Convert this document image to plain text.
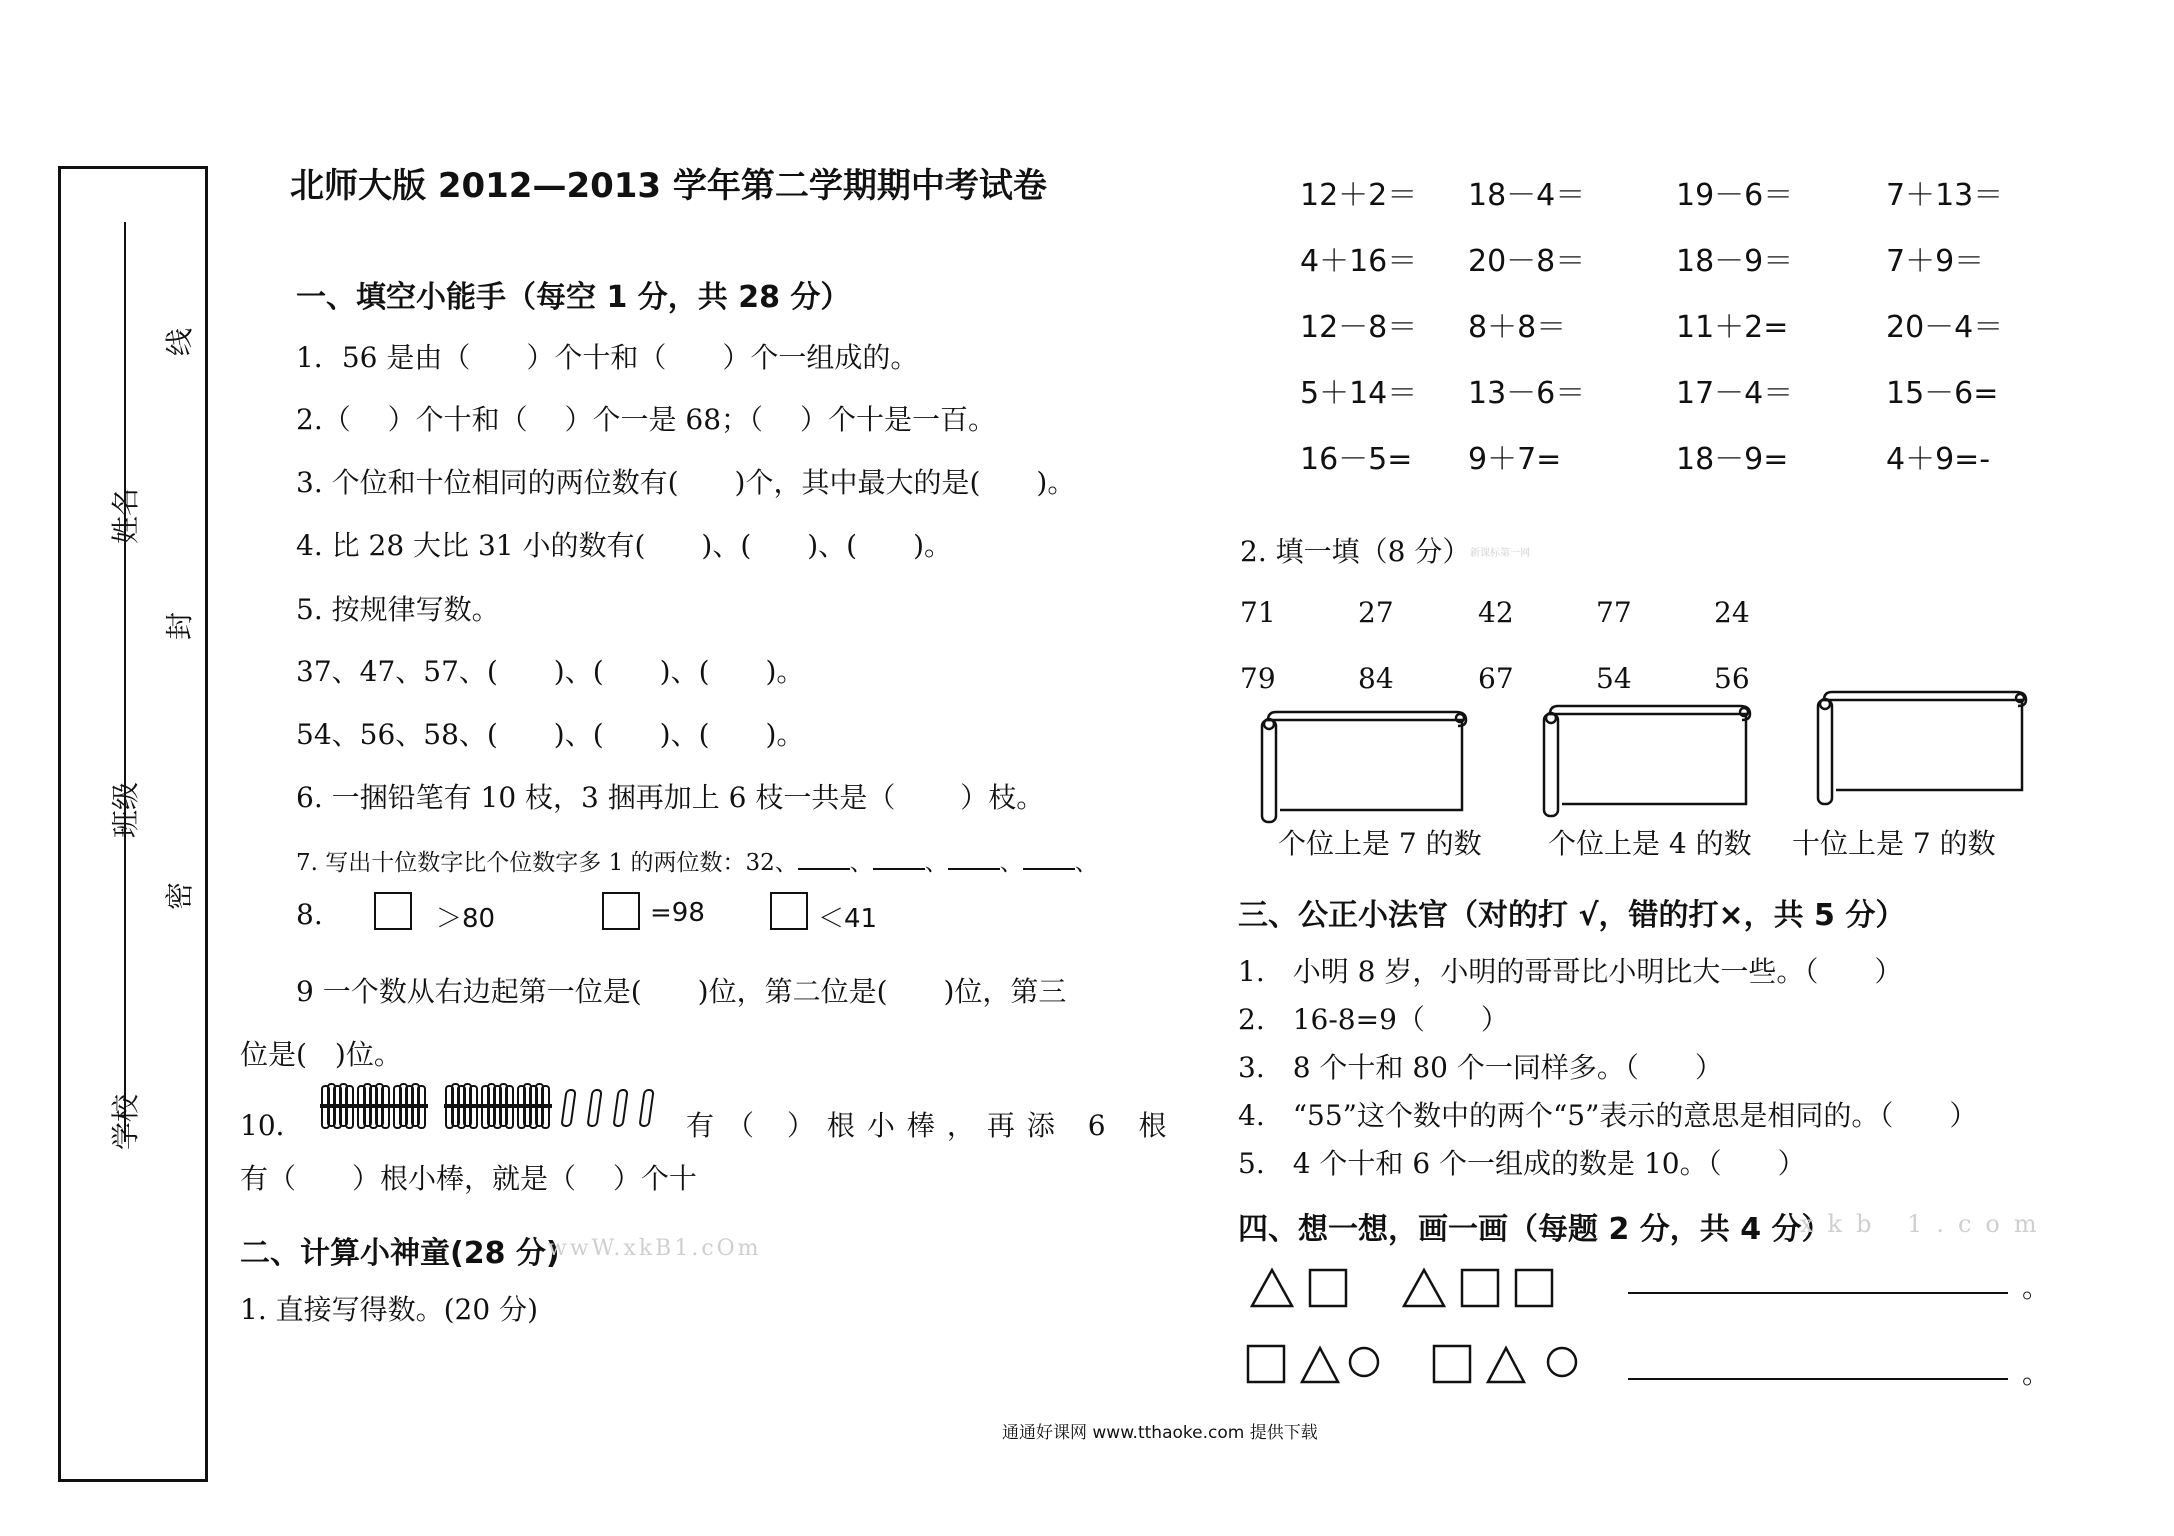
线
封
密
姓名
班级
学校
北师大版 2012—2013 学年第二学期期中考试卷
一、填空小能手（每空 1 分，共 28 分）
1．56 是由（　　）个十和（　　）个一组成的。
2.（　 ）个十和（　 ）个一是 68；（　 ）个十是一百。
3. 个位和十位相同的两位数有(　　)个，其中最大的是(　　)。
4. 比 28 大比 31 小的数有(　　)、(　　)、(　　)。
5. 按规律写数。
37、47、57、(　　)、(　　)、(　　)。
54、56、58、(　　)、(　　)、(　　)。
6. 一捆铅笔有 10 枝，3 捆再加上 6 枝一共是（　　 ）枝。
7. 写出十位数字比个位数字多 1 的两位数：32、 、 、 、 、
8.	＞80	=98	＜41
9 一个数从右边起第一位是(　　)位，第二位是(　　)位，第三
位是(　)位。
10．	有（ ）根小棒，再添 6 根
有（　　）根小棒，就是（　 ）个十
二、计算小神童(28 分)
wwW.xkB1.cOm
1. 直接写得数。(20 分)
12＋2＝ 18－4＝	19－6＝	7＋13＝
4＋16＝ 20－8＝	18－9＝	7＋9＝
12－8＝ 8＋8＝	11＋2=	20－4＝
5＋14＝ 13－6＝	17－4＝	15－6=
16－5= 9＋7=	18－9=	4＋9=-
2. 填一填（8 分） 新课标第一网
71	27	42	77	24
79	84	67	54	56
个位上是 7 的数 个位上是 4 的数 十位上是 7 的数
三、公正小法官（对的打 √，错的打×，共 5 分）
1.　小明 8 岁，小明的哥哥比小明比大一些。（　　）
2.　16-8=9（　　）
3.　8 个十和 80 个一同样多。（　　）
4.　“55”这个数中的两个“5”表示的意思是相同的。（　　）
5.　4 个十和 6 个一组成的数是 10。（　　）
四、想一想，画一画（每题 2 分，共 4 分）
xkb 1.com
。
。
通通好课网 www.tthaoke.com 提供下载
